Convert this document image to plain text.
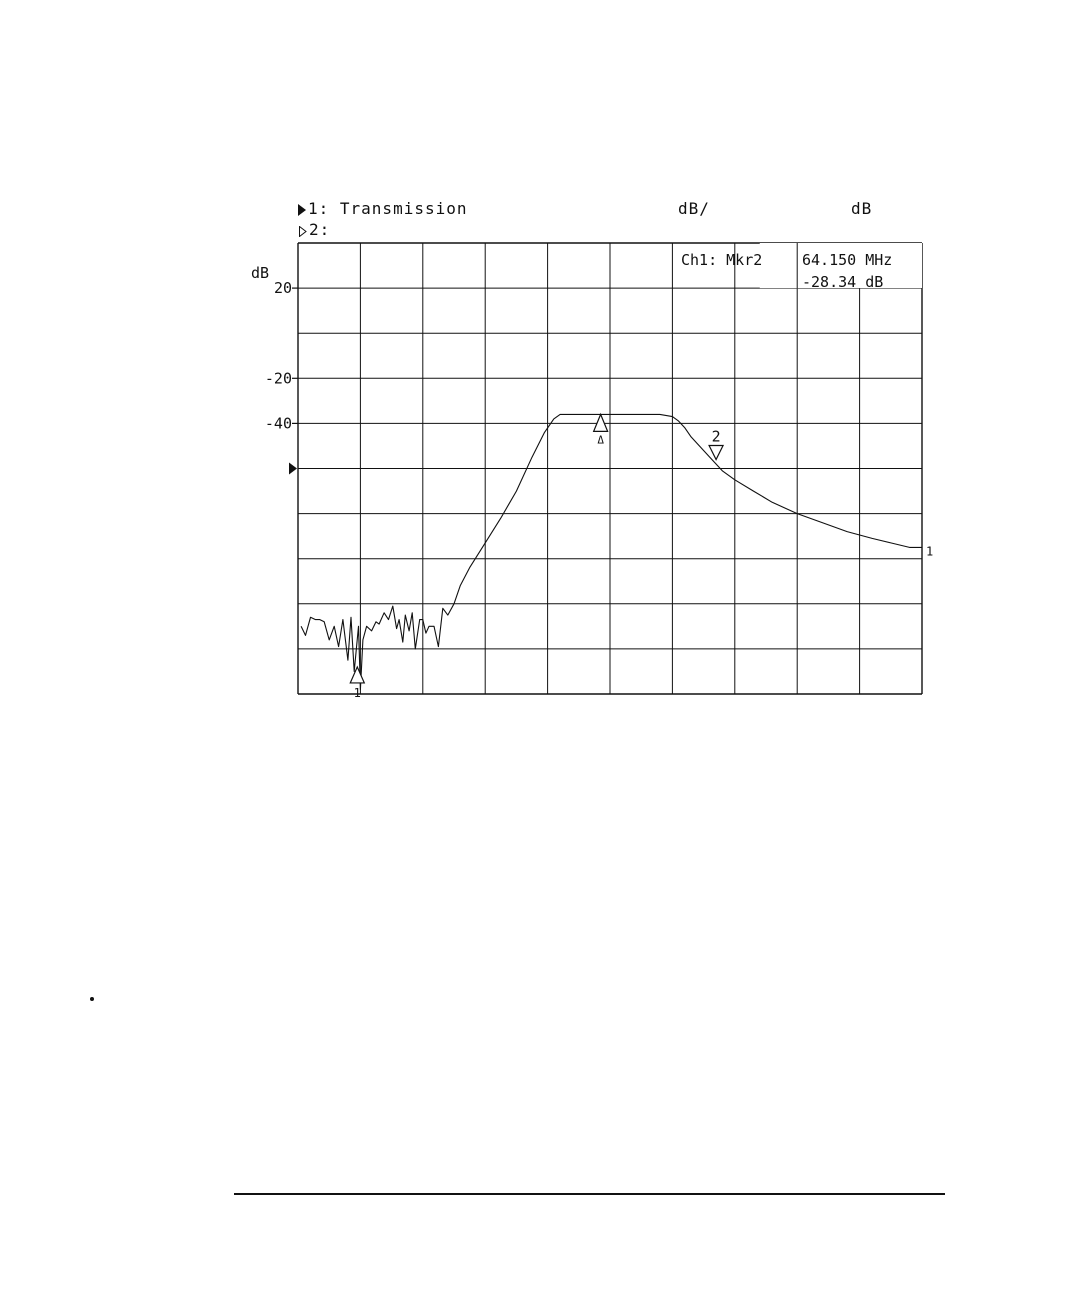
1: Transmission
2:
dB/	dB
dB
20
-20
-40
Ch1: Mkr2	64.150 MHz
-28.34 dB
1
1
Δ	2
